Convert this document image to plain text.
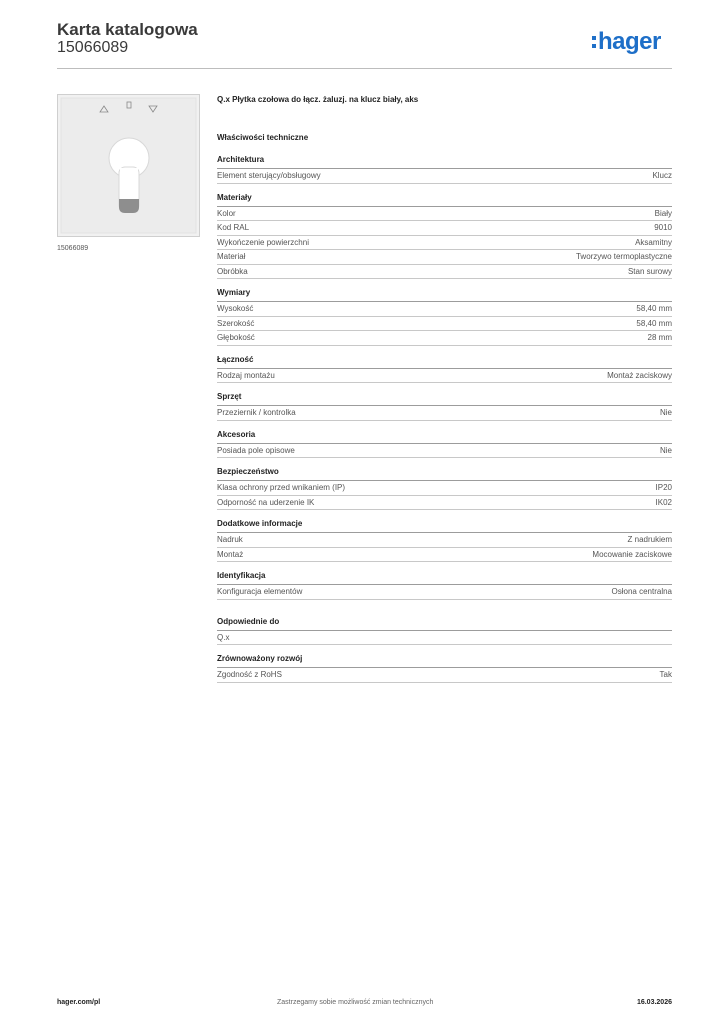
Karta katalogowa
15066089	hager
15066089
Q.x Płytka czołowa do łącz. żaluzj. na klucz biały, aks
Właściwości techniczne
Architektura
Element sterujący/obsługowy	Klucz
Materiały
Kolor	Biały
Kod RAL	9010
Wykończenie powierzchni	Aksamitny
Materiał	Tworzywo termoplastyczne
Obróbka	Stan surowy
Wymiary
Wysokość	58,40 mm
Szerokość	58,40 mm
Głębokość	28 mm
Łączność
Rodzaj montażu	Montaż zaciskowy
Sprzęt
Przeziernik / kontrolka	Nie
Akcesoria
Posiada pole opisowe	Nie
Bezpieczeństwo
Klasa ochrony przed wnikaniem (IP)	IP20
Odporność na uderzenie IK	IK02
Dodatkowe informacje
Nadruk	Z nadrukiem
Montaż	Mocowanie zaciskowe
Identyfikacja
Konfiguracja elementów	Osłona centralna
Odpowiednie do
Q.x
Zrównoważony rozwój
Zgodność z RoHS	Tak
hager.com/pl	Zastrzegamy sobie możliwość zmian technicznych	16.03.2026
